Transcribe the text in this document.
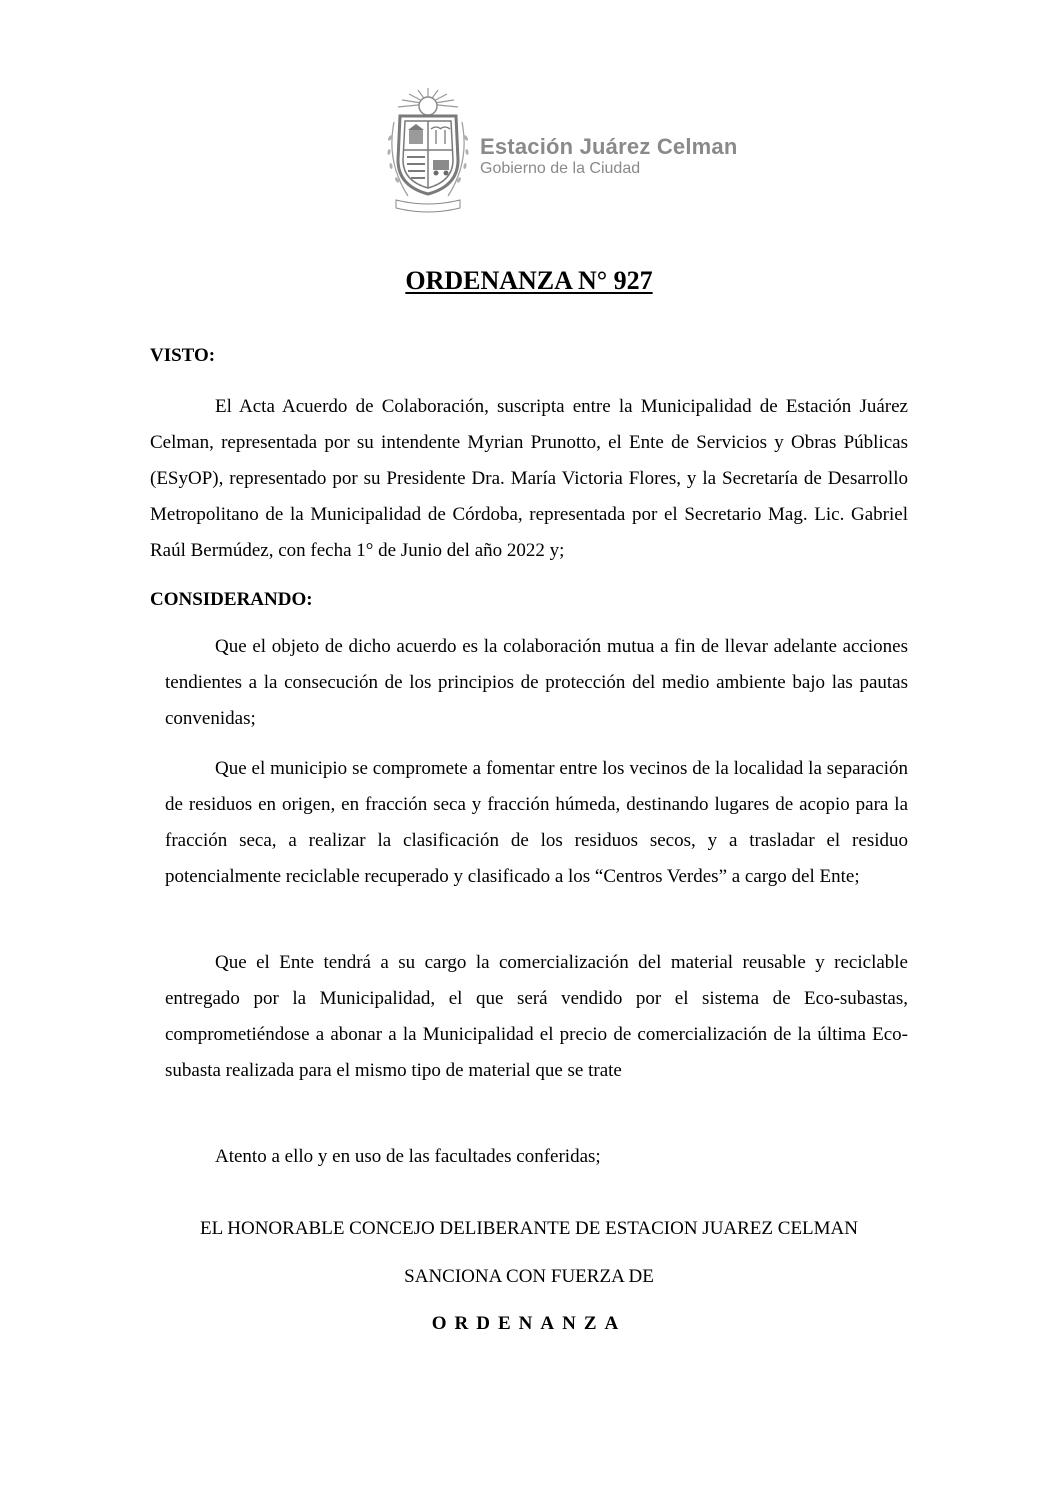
Estación Juárez Celman
Gobierno de la Ciudad
ORDENANZA N° 927
VISTO:
El Acta Acuerdo de Colaboración, suscripta entre la Municipalidad de Estación Juárez Celman, representada por su intendente Myrian Prunotto, el Ente de Servicios y Obras Públicas (ESyOP), representado por su Presidente Dra. María Victoria Flores, y la Secretaría de Desarrollo Metropolitano de la Municipalidad de Córdoba, representada por el Secretario Mag. Lic. Gabriel Raúl Bermúdez, con fecha 1° de Junio del año 2022 y;
CONSIDERANDO:
Que el objeto de dicho acuerdo es la colaboración mutua a fin de llevar adelante acciones tendientes a la consecución de los principios de protección del medio ambiente bajo las pautas convenidas;
Que el municipio se compromete a fomentar entre los vecinos de la localidad la separación de residuos en origen, en fracción seca y fracción húmeda, destinando lugares de acopio para la fracción seca, a realizar la clasificación de los residuos secos, y a trasladar el residuo potencialmente reciclable recuperado y clasificado a los “Centros Verdes” a cargo del Ente;
Que el Ente tendrá a su cargo la comercialización del material reusable y reciclable entregado por la Municipalidad, el que será vendido por el sistema de Eco-subastas, comprometiéndose a abonar a la Municipalidad el precio de comercialización de la última Eco-subasta realizada para el mismo tipo de material que se trate
Atento a ello y en uso de las facultades conferidas;
EL HONORABLE CONCEJO DELIBERANTE DE ESTACION JUAREZ CELMAN
SANCIONA CON FUERZA DE
ORDENANZA
